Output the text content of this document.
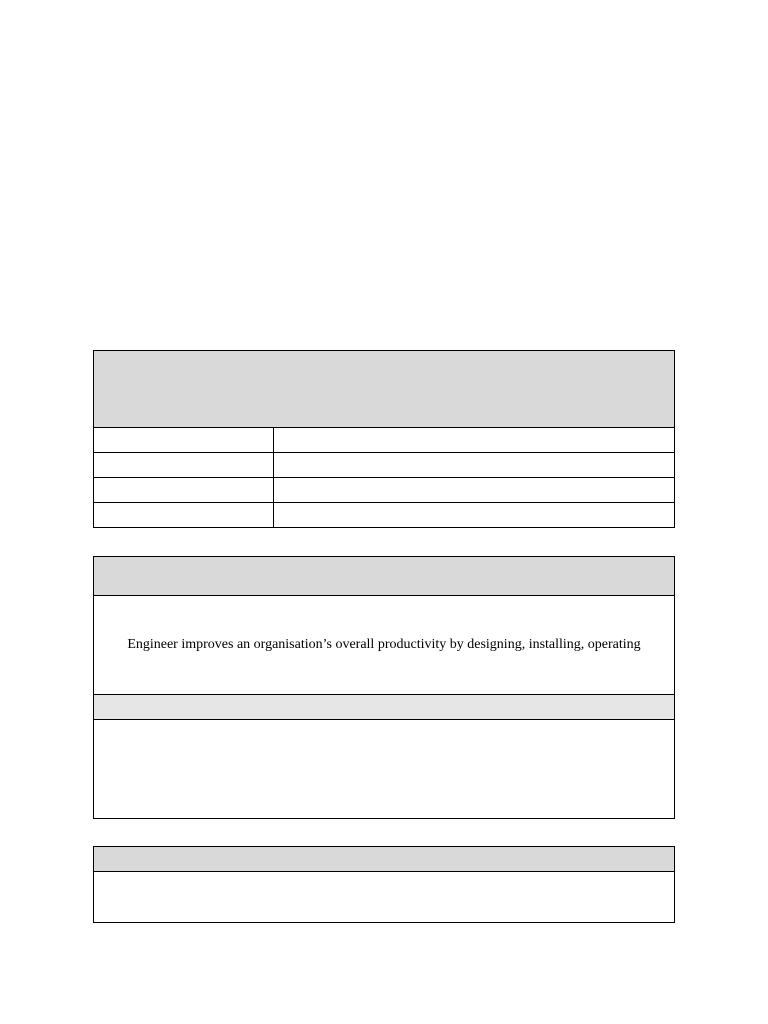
Engineer improves an organisation’s overall productivity by designing, installing, operating
